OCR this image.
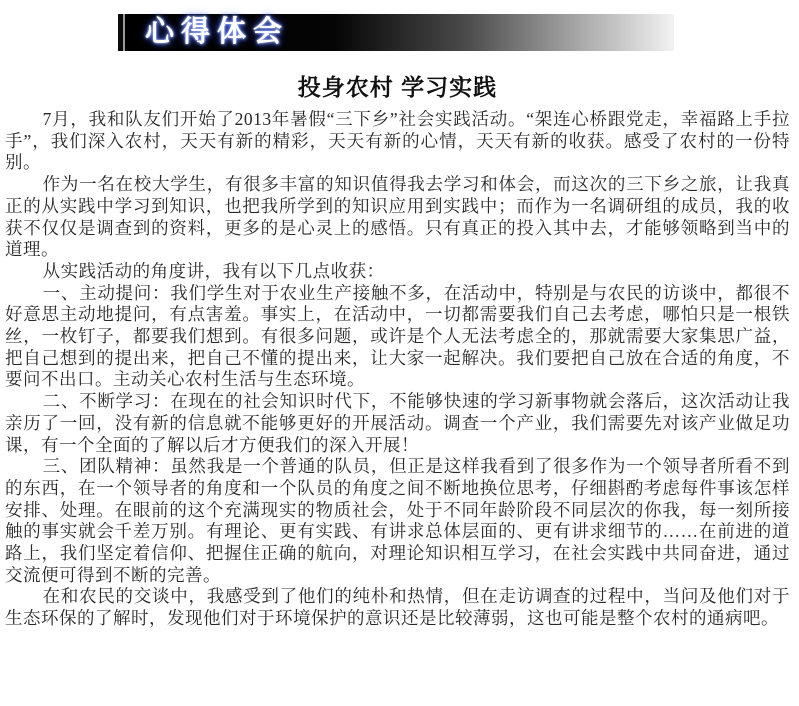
心得体会
投身农村 学习实践

7月，我和队友们开始了2013年暑假“三下乡”社会实践活动。“架连心桥跟党走，幸福路上手拉手”，我们深入农村，天天有新的精彩，天天有新的心情，天天有新的收获。感受了农村的一份特别。

作为一名在校大学生，有很多丰富的知识值得我去学习和体会，而这次的三下乡之旅，让我真正的从实践中学习到知识，也把我所学到的知识应用到实践中；而作为一名调研组的成员，我的收获不仅仅是调查到的资料，更多的是心灵上的感悟。只有真正的投入其中去，才能够领略到当中的道理。

从实践活动的角度讲，我有以下几点收获：

一、主动提问：我们学生对于农业生产接触不多，在活动中，特别是与农民的访谈中，都很不好意思主动地提问，有点害羞。事实上，在活动中，一切都需要我们自己去考虑，哪怕只是一根铁丝，一枚钉子，都要我们想到。有很多问题，或许是个人无法考虑全的，那就需要大家集思广益，把自己想到的提出来，把自己不懂的提出来，让大家一起解决。我们要把自己放在合适的角度，不要问不出口。主动关心农村生活与生态环境。

二、不断学习：在现在的社会知识时代下，不能够快速的学习新事物就会落后，这次活动让我亲历了一回，没有新的信息就不能够更好的开展活动。调查一个产业，我们需要先对该产业做足功课，有一个全面的了解以后才方便我们的深入开展！

三、团队精神：虽然我是一个普通的队员，但正是这样我看到了很多作为一个领导者所看不到的东西，在一个领导者的角度和一个队员的角度之间不断地换位思考，仔细斟酌考虑每件事该怎样安排、处理。在眼前的这个充满现实的物质社会，处于不同年龄阶段不同层次的你我，每一刻所接触的事实就会千差万别。有理论、更有实践、有讲求总体层面的、更有讲求细节的……在前进的道路上，我们坚定着信仰、把握住正确的航向，对理论知识相互学习，在社会实践中共同奋进，通过交流便可得到不断的完善。

在和农民的交谈中，我感受到了他们的纯朴和热情，但在走访调查的过程中，当问及他们对于生态环保的了解时，发现他们对于环境保护的意识还是比较薄弱，这也可能是整个农村的通病吧。
